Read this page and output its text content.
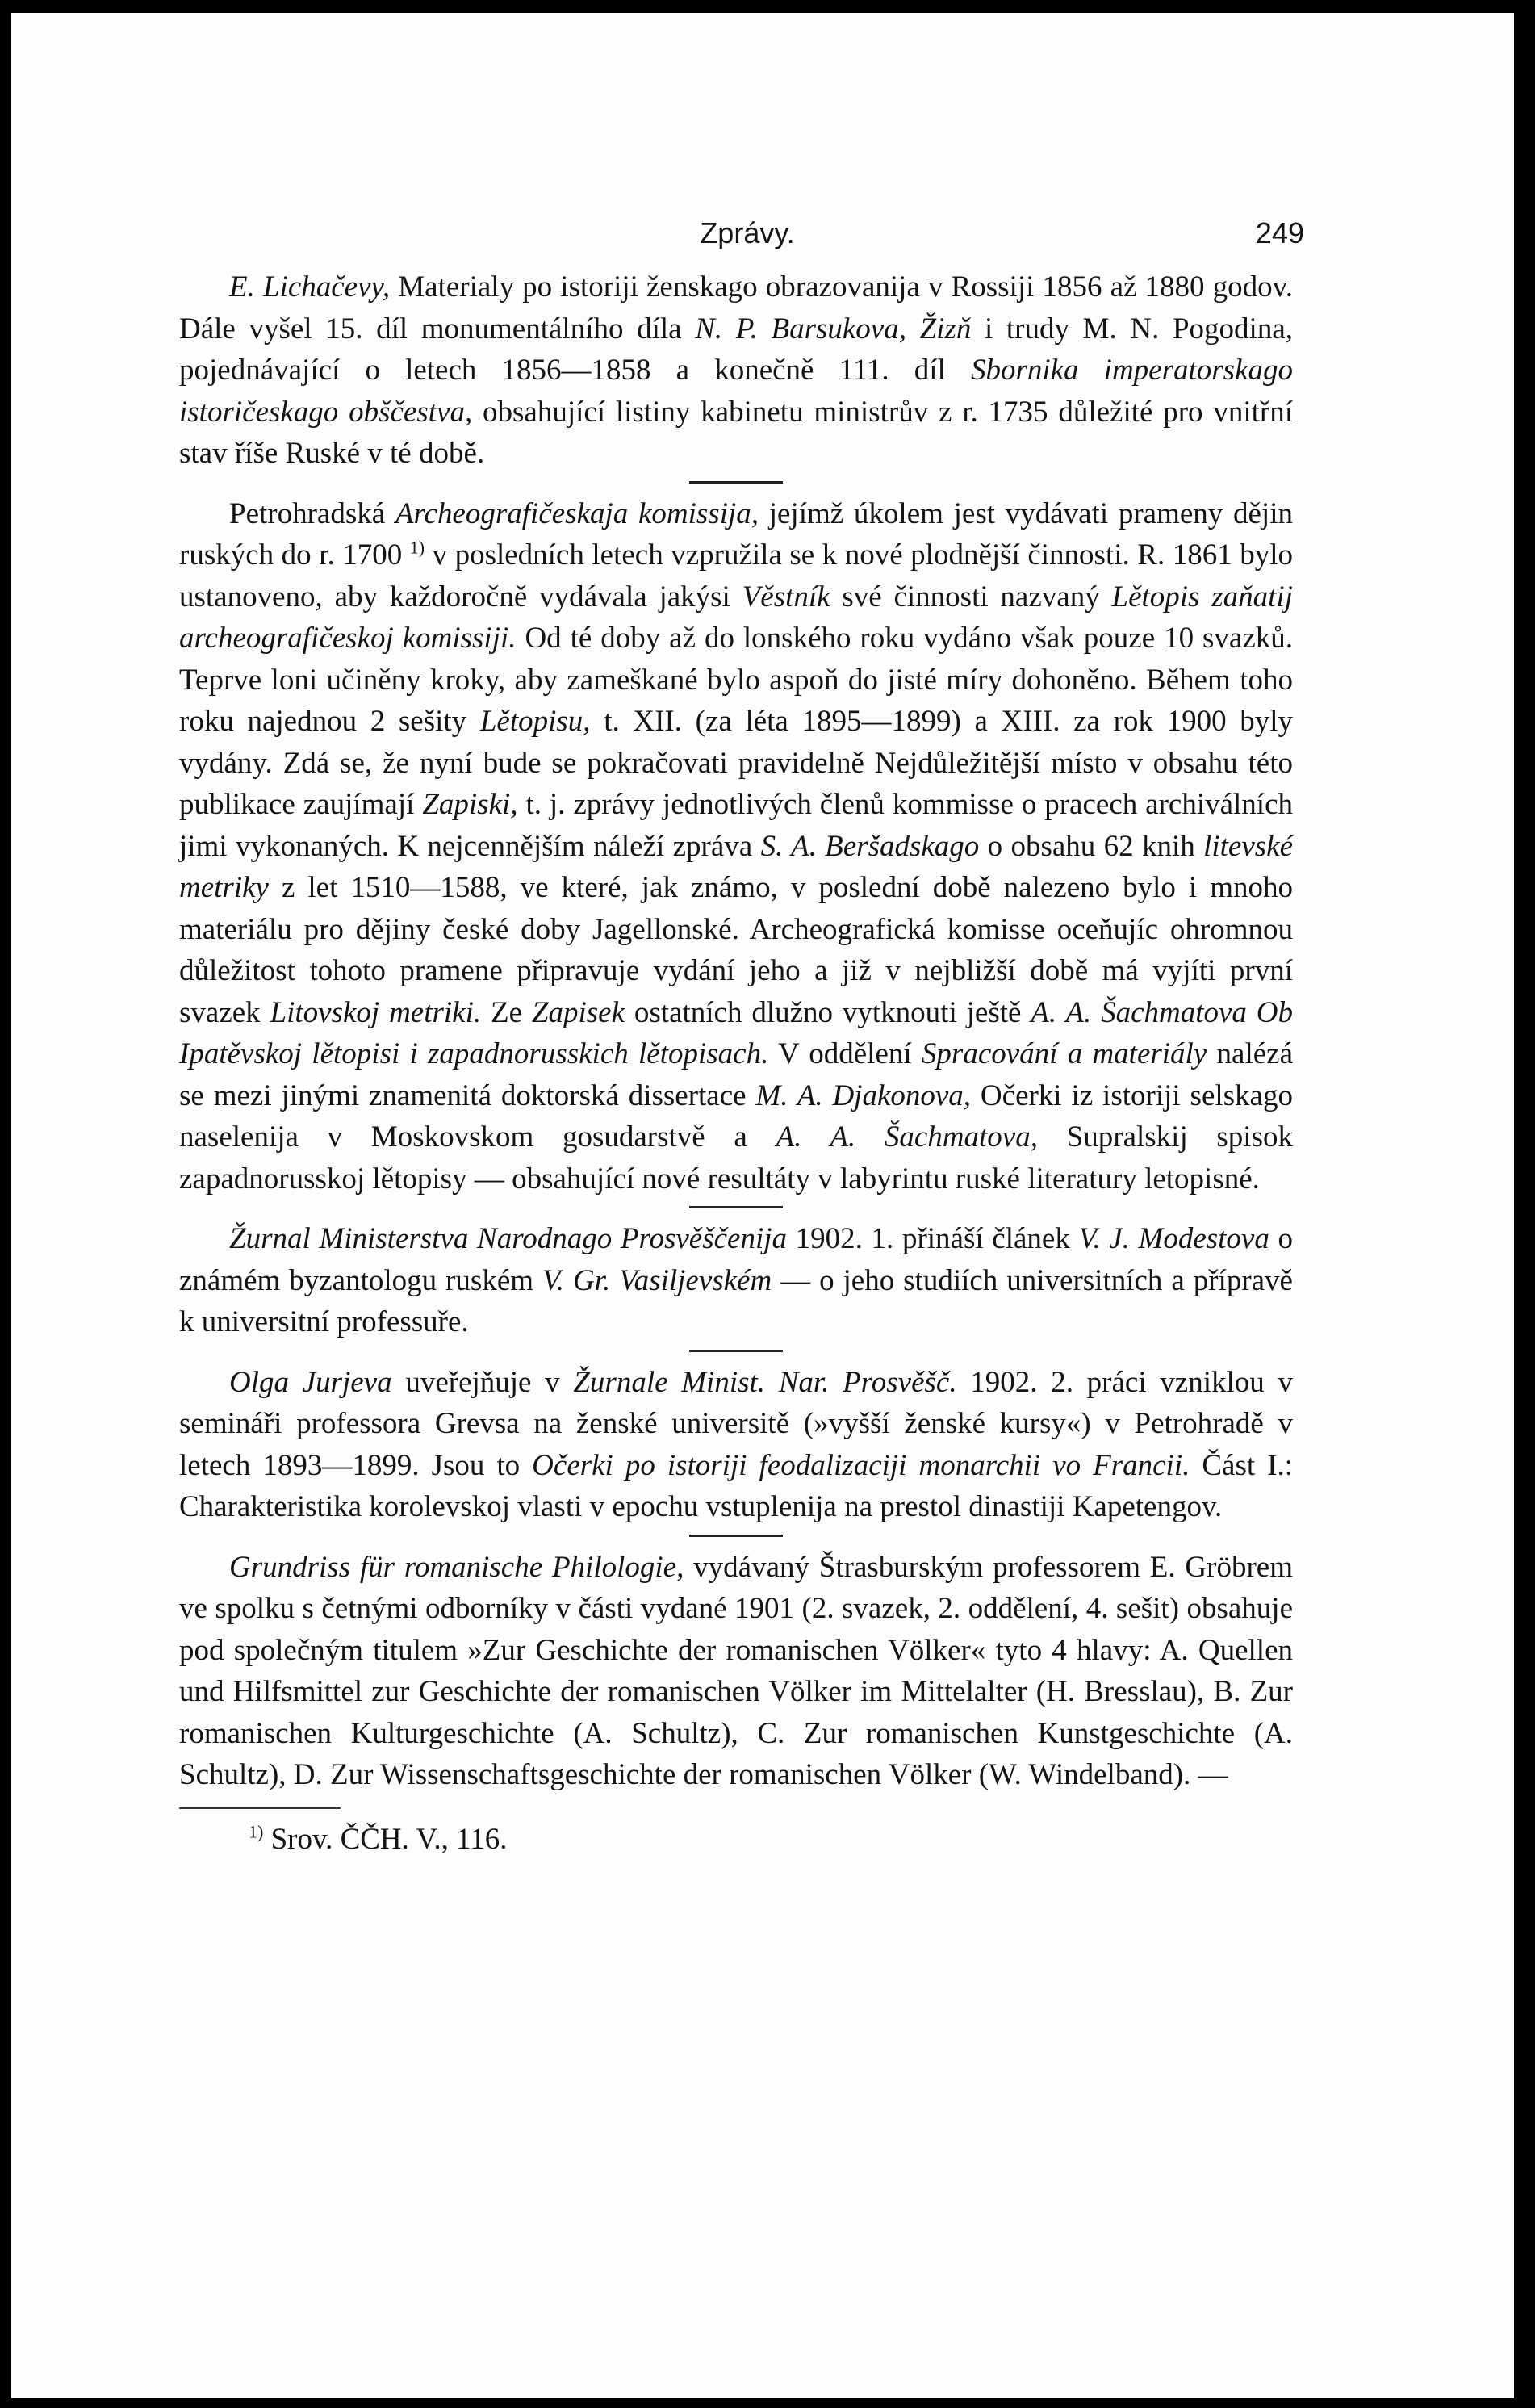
Zprávy.	249

E. Lichačevy, Materialy po istoriji ženskago obrazovanija v Rossiji 1856 až 1880 godov. Dále vyšel 15. díl monumentálního díla N. P. Barsukova, Žizň i trudy M. N. Pogodina, pojednávající o letech 1856—1858 a konečně 111. díl Sbornika imperatorskago istoričeskago obščestva, obsahující listiny kabinetu ministrův z r. 1735 důležité pro vnitřní stav říše Ruské v té době.

Petrohradská Archeografičeskaja komissija, jejímž úkolem jest vydávati prameny dějin ruských do r. 1700 $^{1)}$ v posledních letech vzpružila se k nové plodnější činnosti. R. 1861 bylo ustanoveno, aby každoročně vydávala jakýsi Věstník své činnosti nazvaný Lětopis zaňatij archeografičeskoj komissiji. Od té doby až do lonského roku vydáno však pouze 10 svazků. Teprve loni učiněny kroky, aby zameškané bylo aspoň do jisté míry dohoněno. Během toho roku najednou 2 sešity Lětopisu, t. XII. (za léta 1895—1899) a XIII. za rok 1900 byly vydány. Zdá se, že nyní bude se pokračovati pravidelně Nejdůležitější místo v obsahu této publikace zaujímají Zapiski, t. j. zprávy jednotlivých členů kommisse o pracech archiválních jimi vykonaných. K nejcennějším náleží zpráva S. A. Beršadskago o obsahu 62 knih litevské metriky z let 1510—1588, ve které, jak známo, v poslední době nalezeno bylo i mnoho materiálu pro dějiny české doby Jagellonské. Archeografická komisse oceňujíc ohromnou důležitost tohoto pramene připravuje vydání jeho a již v nejbližší době má vyjíti první svazek Litovskoj metriki. Ze Zapisek ostatních dlužno vytknouti ještě A. A. Šachmatova Ob Ipatěvskoj lětopisi i zapadnorusskich lětopisach. V oddělení Spracování a materiály nalézá se mezi jinými znamenitá doktorská dissertace M. A. Djakonova, Očerki iz istoriji selskago naselenija v Moskovskom gosudarstvě a A. A. Šachmatova, Supralskij spisok zapadnorusskoj lětopisy — obsahující nové resultáty v labyrintu ruské literatury letopisné.

Žurnal Ministerstva Narodnago Prosvěščenija 1902. 1. přináší článek V. J. Modestova o známém byzantologu ruském V. Gr. Vasiljevském — o jeho studiích universitních a přípravě k universitní professuře.

Olga Jurjeva uveřejňuje v Žurnale Minist. Nar. Prosvěšč. 1902. 2. práci vzniklou v semináři professora Grevsa na ženské universitě (»vyšší ženské kursy«) v Petrohradě v letech 1893—1899. Jsou to Očerki po istoriji feodalizaciji monarchii vo Francii. Část I.: Charakteristika korolevskoj vlasti v epochu vstuplenija na prestol dinastiji Kapetengov.

Grundriss für romanische Philologie, vydávaný Štrasburským professorem E. Gröbrem ve spolku s četnými odborníky v části vydané 1901 (2. svazek, 2. oddělení, 4. sešit) obsahuje pod společným titulem »Zur Geschichte der romanischen Völker« tyto 4 hlavy: A. Quellen und Hilfsmittel zur Geschichte der romanischen Völker im Mittelalter (H. Bresslau), B. Zur romanischen Kulturgeschichte (A. Schultz), C. Zur romanischen Kunstgeschichte (A. Schultz), D. Zur Wissenschaftsgeschichte der romanischen Völker (W. Windelband). —

$^{1)}$ Srov. ČČH. V., 116.
